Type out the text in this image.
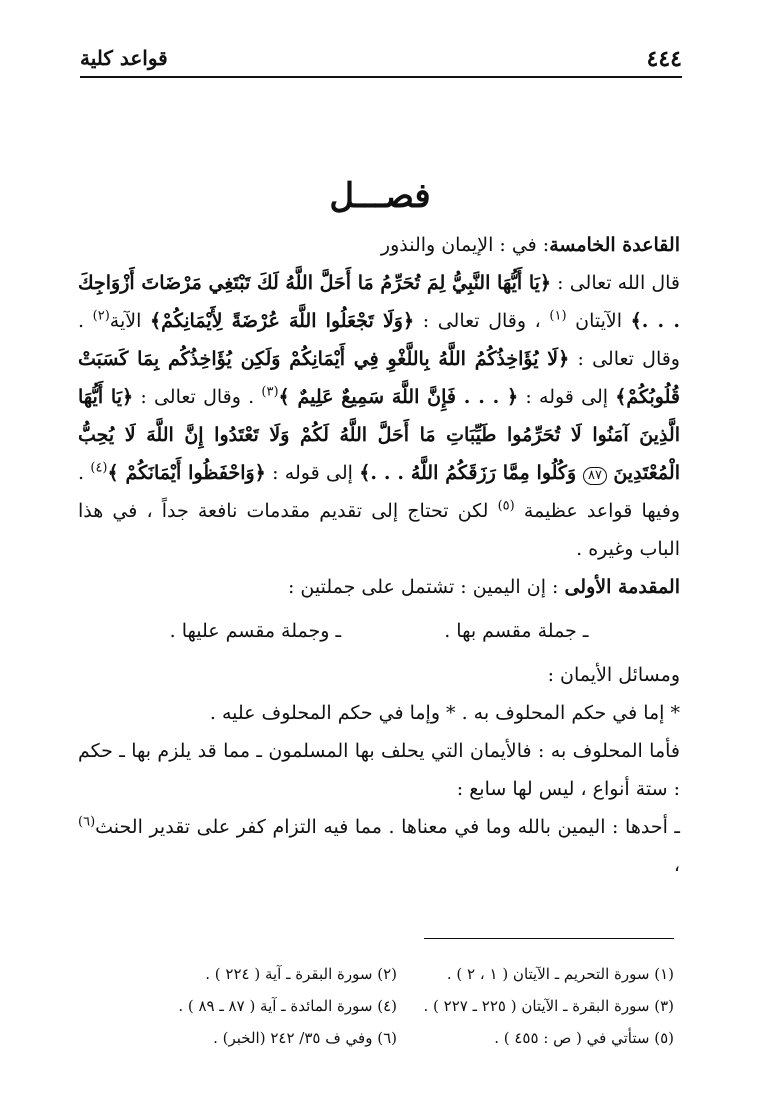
٤٤٤
قواعد كلية
فصـــل

القاعدة الخامسة: في : الإيمان والنذور

قال الله تعالى : ﴿يَا أَيُّهَا النَّبِيُّ لِمَ تُحَرِّمُ مَا أَحَلَّ اللَّهُ لَكَ تَبْتَغِي مَرْضَاتَ أَزْوَاجِكَ . . .﴾ الآيتان $^{(١)}$ ، وقال تعالى : ﴿وَلَا تَجْعَلُوا اللَّهَ عُرْضَةً لِأَيْمَانِكُمْ﴾ الآية$^{(٢)}$ . وقال تعالى : ﴿لَا يُؤَاخِذُكُمُ اللَّهُ بِاللَّغْوِ فِي أَيْمَانِكُمْ وَلَكِن يُؤَاخِذُكُم بِمَا كَسَبَتْ قُلُوبُكُمْ﴾ إلى قوله : ﴿ . . . فَإِنَّ اللَّهَ سَمِيعٌ عَلِيمٌ ﴾$^{(٣)}$ . وقال تعالى : ﴿يَا أَيُّهَا الَّذِينَ آمَنُوا لَا تُحَرِّمُوا طَيِّبَاتِ مَا أَحَلَّ اللَّهُ لَكُمْ وَلَا تَعْتَدُوا إِنَّ اللَّهَ لَا يُحِبُّ الْمُعْتَدِينَ ٨٧ وَكُلُوا مِمَّا رَزَقَكُمُ اللَّهُ . . .﴾ إلى قوله : ﴿وَاحْفَظُوا أَيْمَانَكُمْ ﴾$^{(٤)}$ . وفيها قواعد عظيمة $^{(٥)}$ لكن تحتاج إلى تقديم مقدمات نافعة جداً ، في هذا الباب وغيره .

المقدمة الأولى : إن اليمين : تشتمل على جملتين :

ـ جملة مقسم بها .
ـ وجملة مقسم عليها .

ومسائل الأيمان :

* إما في حكم المحلوف به . * وإما في حكم المحلوف عليه .

فأما المحلوف به : فالأيمان التي يحلف بها المسلمون ـ مما قد يلزم بها ـ حكم : ستة أنواع ، ليس لها سابع :

ـ أحدها : اليمين بالله وما في معناها . مما فيه التزام كفر على تقدير الحنث$^{(٦)}$ ،

(١) سورة التحريم ـ الآيتان ( ١ ، ٢ ) .
(٢) سورة البقرة ـ آية ( ٢٢٤ ) .
(٣) سورة البقرة ـ الآيتان ( ٢٢٥ ـ ٢٢٧ ) .
(٤) سورة المائدة ـ آية ( ٨٧ ـ ٨٩ ) .
(٥) ستأتي في ( ص : ٤٥٥ ) .
(٦) وفي ف ٣٥/ ٢٤٢ (الخبر) .
